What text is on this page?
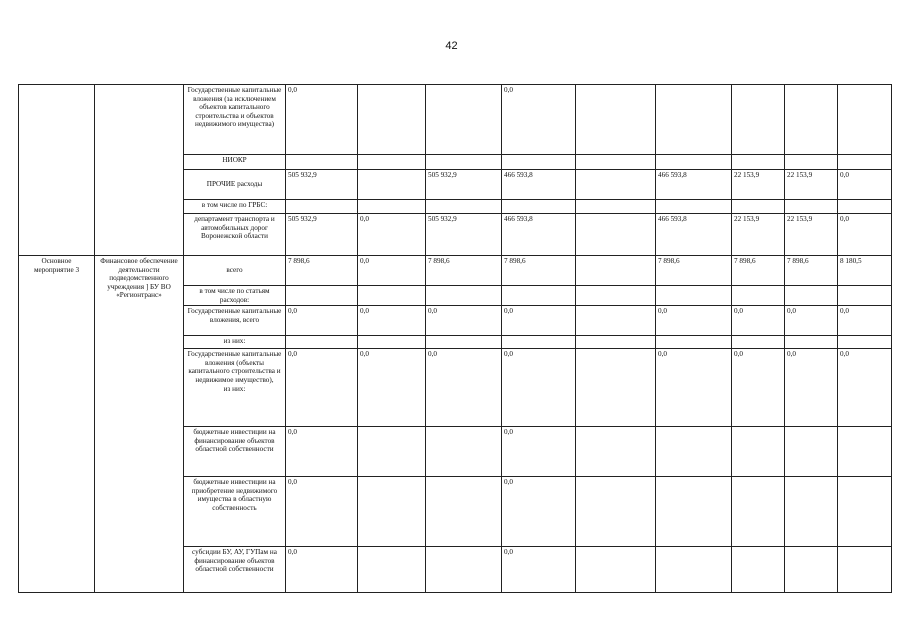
42
		Государственные капитальные вложения (за исключением объектов капитального строительства и объектов недвижимого имущества)	0,0			0,0					
		НИОКР									
		ПРОЧИЕ расходы	505 932,9		505 932,9	466 593,8		466 593,8	22 153,9	22 153,9	0,0
		в том числе по ГРБС:									
		департамент транспорта и автомобильных дорог Воронежской области	505 932,9	0,0	505 932,9	466 593,8		466 593,8	22 153,9	22 153,9	0,0
Основное мероприятие 3	Финансовое обеспечение деятельности подведомственного учреждения ] БУ ВО «Регионтранс»	всего	7 898,6	0,0	7 898,6	7 898,6		7 898,6	7 898,6	7 898,6	8 180,5
		в том числе по статьям расходов:									
		Государственные капитальные вложения, всего	0,0	0,0	0,0	0,0		0,0	0,0	0,0	0,0
		из них:									
		Государственные капитальные вложения (объекты капитального строительства и недвижимое имущество),
из них:	0,0	0,0	0,0	0,0		0,0	0,0	0,0	0,0
		бюджетные инвестиции на финансирование объектов областной собственности	0,0			0,0					
		бюджетные инвестиции на приобретение недвижимого имущества в областную собственность	0,0			0,0					
		субсидии БУ, АУ, ГУПам на финансирование объектов областной собственности	0,0			0,0					
